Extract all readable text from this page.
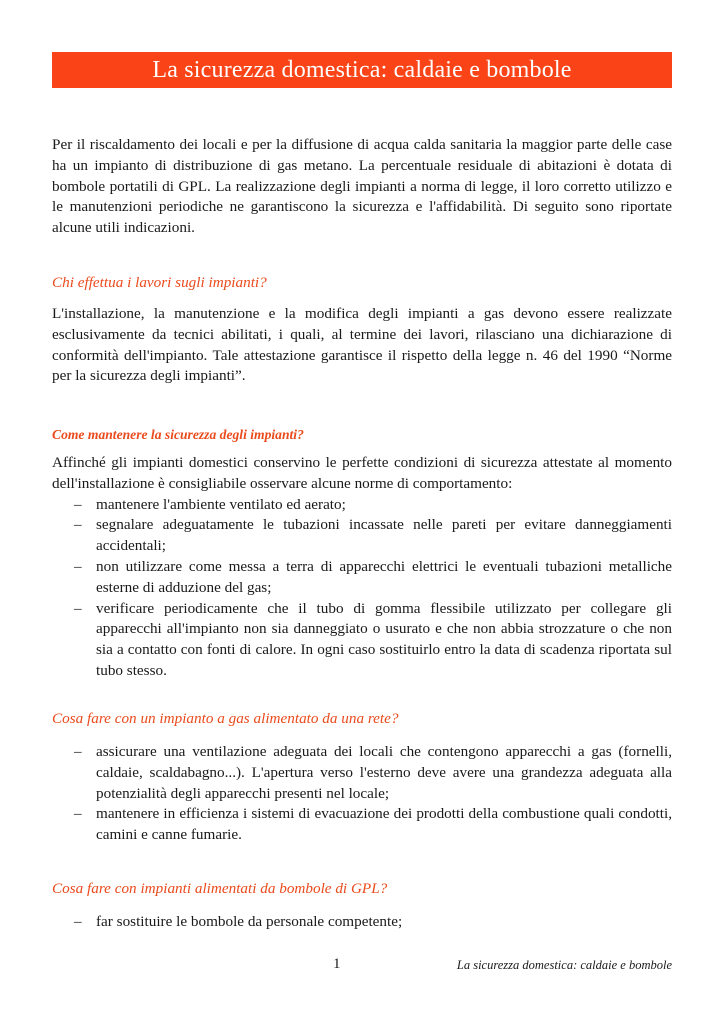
La sicurezza domestica: caldaie e bombole
Per il riscaldamento dei locali e per la diffusione di acqua calda sanitaria la maggior parte delle case ha un impianto di distribuzione di gas metano. La percentuale residuale di abitazioni è dotata di bombole portatili di GPL. La realizzazione degli impianti a norma di legge, il loro corretto utilizzo e le manutenzioni periodiche ne garantiscono la sicurezza e l'affidabilità. Di seguito sono riportate alcune utili indicazioni.

Chi effettua i lavori sugli impianti?

L'installazione, la manutenzione e la modifica degli impianti a gas devono essere realizzate esclusivamente da tecnici abilitati, i quali, al termine dei lavori, rilasciano una dichiarazione di conformità dell'impianto. Tale attestazione garantisce il rispetto della legge n. 46 del 1990 “Norme per la sicurezza degli impianti”.

Come mantenere la sicurezza degli impianti?

Affinché gli impianti domestici conservino le perfette condizioni di sicurezza attestate al momento dell'installazione è consigliabile osservare alcune norme di comportamento:
– mantenere l'ambiente ventilato ed aerato;
– segnalare adeguatamente le tubazioni incassate nelle pareti per evitare danneggiamenti accidentali;
– non utilizzare come messa a terra di apparecchi elettrici le eventuali tubazioni metalliche esterne di adduzione del gas;
– verificare periodicamente che il tubo di gomma flessibile utilizzato per collegare gli apparecchi all'impianto non sia danneggiato o usurato e che non abbia strozzature o che non sia a contatto con fonti di calore. In ogni caso sostituirlo entro la data di scadenza riportata sul tubo stesso.

Cosa fare con un impianto a gas alimentato da una rete?

– assicurare una ventilazione adeguata dei locali che contengono apparecchi a gas (fornelli, caldaie, scaldabagno...). L'apertura verso l'esterno deve avere una grandezza adeguata alla potenzialità degli apparecchi presenti nel locale;
– mantenere in efficienza i sistemi di evacuazione dei prodotti della combustione quali condotti, camini e canne fumarie.

Cosa fare con impianti alimentati da bombole di GPL?

– far sostituire le bombole da personale competente;
1	La sicurezza domestica: caldaie e bombole
